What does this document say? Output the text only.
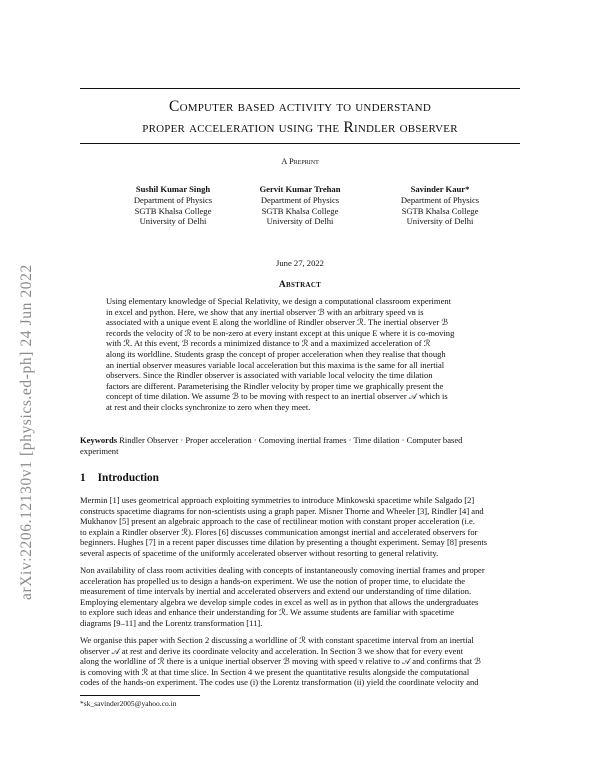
arXiv:2206.12130v1 [physics.ed-ph] 24 Jun 2022
Computer based activity to understand
proper acceleration using the Rindler observer
A Preprint
Sushil Kumar Singh
Department of Physics
SGTB Khalsa College
University of Delhi
Gervit Kumar Trehan
Department of Physics
SGTB Khalsa College
University of Delhi
Savinder Kaur*
Department of Physics
SGTB Khalsa College
University of Delhi
June 27, 2022
Abstract
Using elementary knowledge of Special Relativity, we design a computational classroom experiment
in excel and python. Here, we show that any inertial observer ℬ with an arbitrary speed vʙ is
associated with a unique event E along the worldline of Rindler observer ℛ. The inertial observer ℬ
records the velocity of ℛ to be non-zero at every instant except at this unique E where it is co-moving
with ℛ. At this event, ℬ records a minimized distance to ℛ and a maximized acceleration of ℛ
along its worldline. Students grasp the concept of proper acceleration when they realise that though
an inertial observer measures variable local acceleration but this maxima is the same for all inertial
observers. Since the Rindler observer is associated with variable local velocity the time dilation
factors are different. Parameterising the Rindler velocity by proper time we graphically present the
concept of time dilation. We assume ℬ to be moving with respect to an inertial observer 𝒜 which is
at rest and their clocks synchronize to zero when they meet.
Keywords Rindler Observer · Proper acceleration · Comoving inertial frames · Time dilation · Computer based
experiment
1 Introduction
Mermin [1] uses geometrical approach exploiting symmetries to introduce Minkowski spacetime while Salgado [2]
constructs spacetime diagrams for non-scientists using a graph paper. Misner Thorne and Wheeler [3], Rindler [4] and
Mukhanov [5] present an algebraic approach to the case of rectilinear motion with constant proper acceleration (i.e.
to explain a Rindler observer ℛ). Flores [6] discusses communication amongst inertial and accelerated observers for
beginners. Hughes [7] in a recent paper discusses time dilation by presenting a thought experiment. Semay [8] presents
several aspects of spacetime of the uniformly accelerated observer without resorting to general relativity.
Non availability of class room activities dealing with concepts of instantaneously comoving inertial frames and proper
acceleration has propelled us to design a hands-on experiment. We use the notion of proper time, to elucidate the
measurement of time intervals by inertial and accelerated observers and extend our understanding of time dilation.
Employing elementary algebra we develop simple codes in excel as well as in python that allows the undergraduates
to explore such ideas and enhance their understanding for ℛ. We assume students are familiar with spacetime
diagrams [9–11] and the Lorentz transformation [11].
We organise this paper with Section 2 discussing a worldline of ℛ with constant spacetime interval from an inertial
observer 𝒜 at rest and derive its coordinate velocity and acceleration. In Section 3 we show that for every event
along the worldline of ℛ there is a unique inertial observer ℬ moving with speed v relative to 𝒜 and confirms that ℬ
is comoving with ℛ at that time slice. In Section 4 we present the quantitative results alongside the computational
codes of the hands-on experiment. The codes use (i) the Lorentz transformation (ii) yield the coordinate velocity and
*sk_savinder2005@yahoo.co.in
